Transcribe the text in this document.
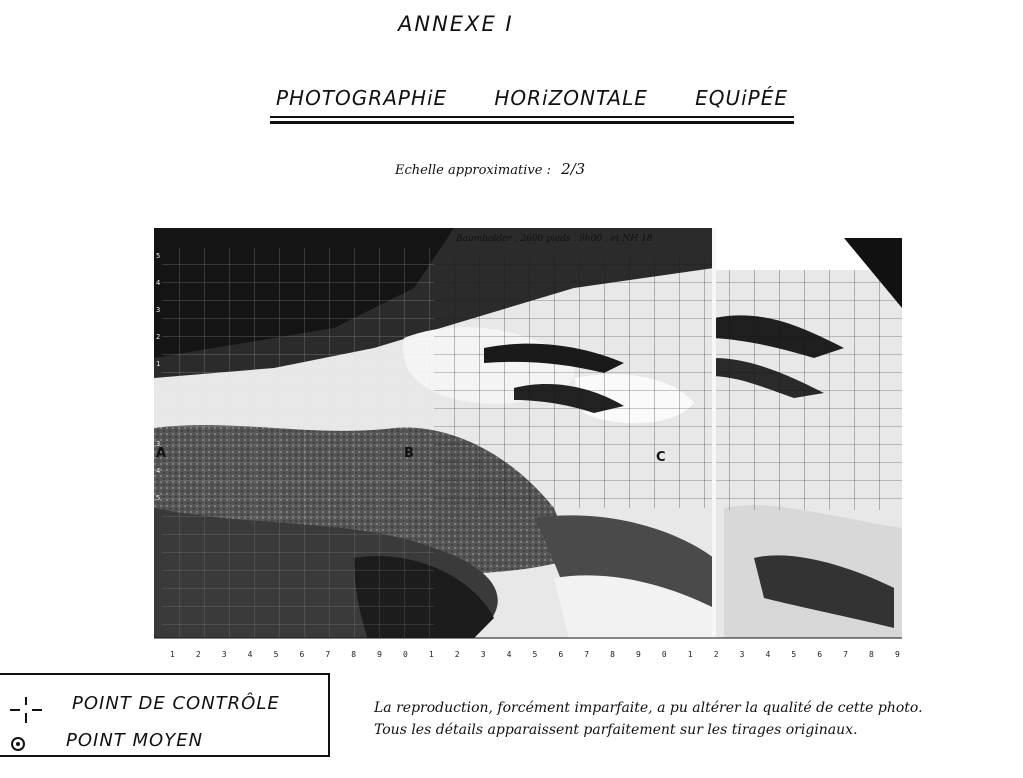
ANNEXE I
PHOTOGRAPHiE HORiZONTALE EQUiPÉE
Echelle approximative : 2/3
Baumholder . 2600 pieds . 9h00 . et NH 18
A	B	C
5
4
3
2
1
1
2
3
4
5
1	2	3	4	5	6	7	8	9	0	1	2	3	4	5	6	7	8	9	0	1	2	3	4	5	6	7	8	9
POINT DE CONTRÔLE
POINT MOYEN
La reproduction, forcément imparfaite, a pu altérer la qualité de cette photo.
Tous les détails apparaissent parfaitement sur les tirages originaux.
